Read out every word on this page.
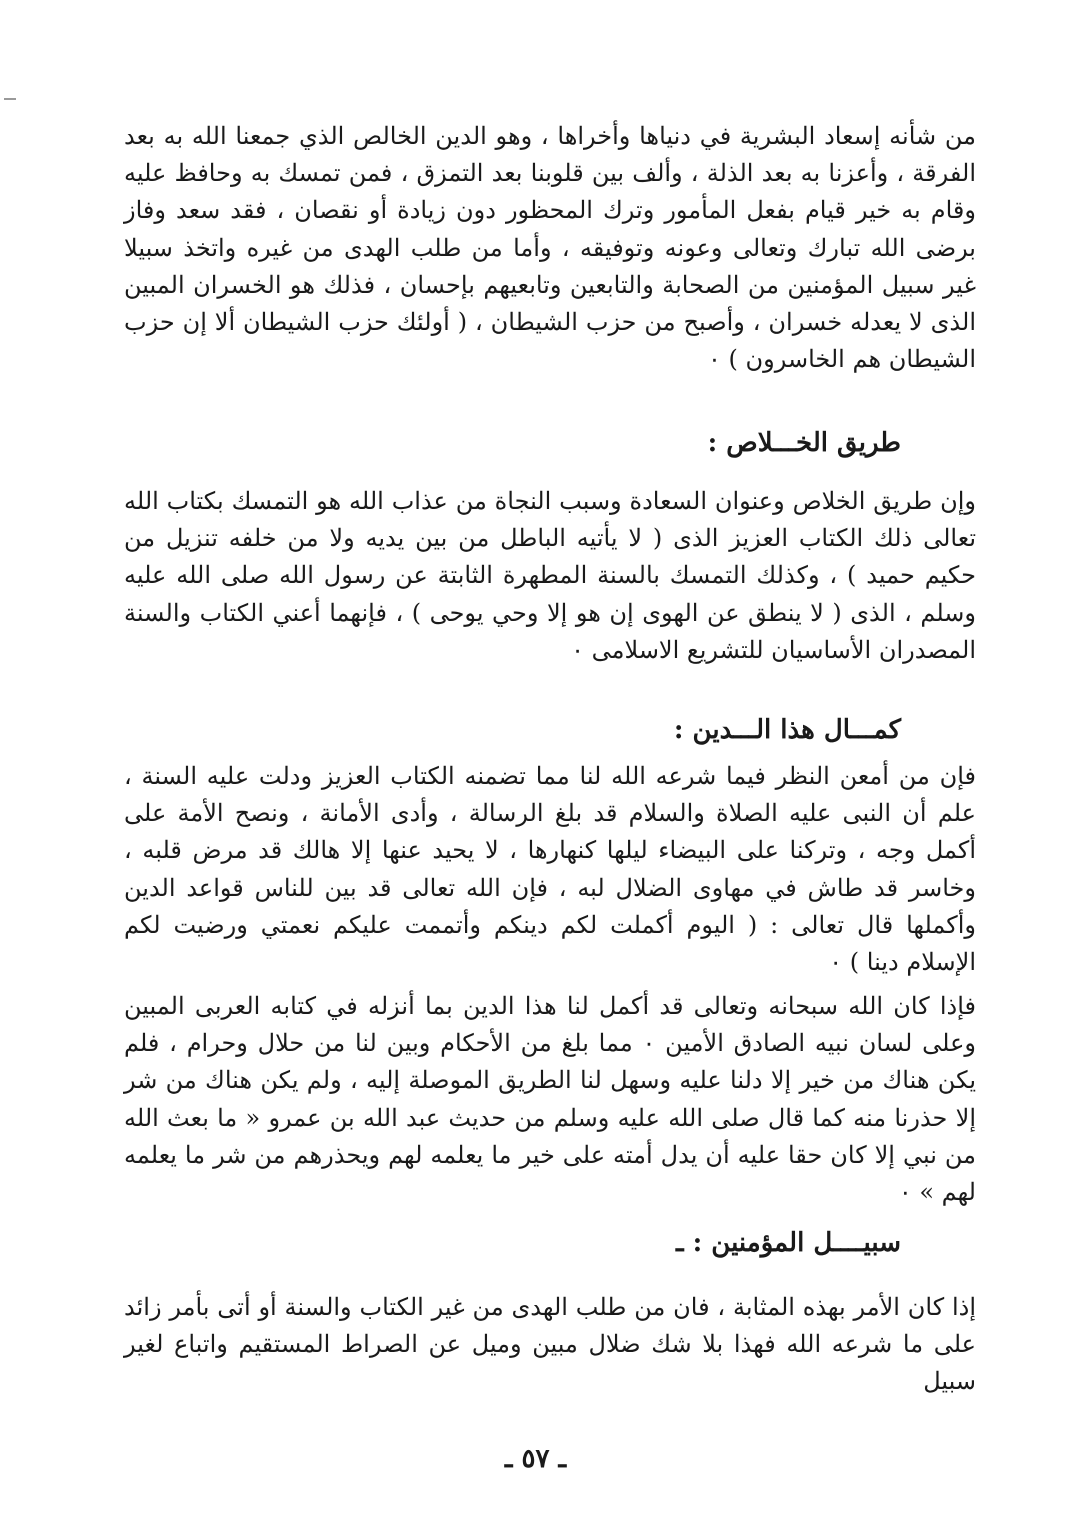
من شأنه إسعاد البشرية في دنياها وأخراها ، وهو الدين الخالص الذي جمعنا الله به بعد الفرقة ، وأعزنا به بعد الذلة ، وألف بين قلوبنا بعد التمزق ، فمن تمسك به وحافظ عليه وقام به خير قيام بفعل المأمور وترك المحظور دون زيادة أو نقصان ، فقد سعد وفاز برضى الله تبارك وتعالى وعونه وتوفيقه ، وأما من طلب الهدى من غيره واتخذ سبيلا غير سبيل المؤمنين من الصحابة والتابعين وتابعيهم بإحسان ، فذلك هو الخسران المبين الذى لا يعدله خسران ، وأصبح من حزب الشيطان ، ( أولئك حزب الشيطان ألا إن حزب الشيطان هم الخاسرون ) ٠

طريق الخـــلاص :

وإن طريق الخلاص وعنوان السعادة وسبب النجاة من عذاب الله هو التمسك بكتاب الله تعالى ذلك الكتاب العزيز الذى ( لا يأتيه الباطل من بين يديه ولا من خلفه تنزيل من حكيم حميد ) ، وكذلك التمسك بالسنة المطهرة الثابتة عن رسول الله صلى الله عليه وسلم ، الذى ( لا ينطق عن الهوى إن هو إلا وحي يوحى ) ، فإنهما أعني الكتاب والسنة المصدران الأساسيان للتشريع الاسلامى ٠

كمـــال هذا الـــدين :

فإن من أمعن النظر فيما شرعه الله لنا مما تضمنه الكتاب العزيز ودلت عليه السنة ، علم أن النبى عليه الصلاة والسلام قد بلغ الرسالة ، وأدى الأمانة ، ونصح الأمة على أكمل وجه ، وتركنا على البيضاء ليلها كنهارها ، لا يحيد عنها إلا هالك قد مرض قلبه ، وخاسر قد طاش في مهاوى الضلال لبه ، فإن الله تعالى قد بين للناس قواعد الدين وأكملها قال تعالى : ( اليوم أكملت لكم دينكم وأتممت عليكم نعمتي ورضيت لكم الإسلام دينا ) ٠

فإذا كان الله سبحانه وتعالى قد أكمل لنا هذا الدين بما أنزله في كتابه العربى المبين وعلى لسان نبيه الصادق الأمين ٠ مما بلغ من الأحكام وبين لنا من حلال وحرام ، فلم يكن هناك من خير إلا دلنا عليه وسهل لنا الطريق الموصلة إليه ، ولم يكن هناك من شر إلا حذرنا منه كما قال صلى الله عليه وسلم من حديث عبد الله بن عمرو « ما بعث الله من نبي إلا كان حقا عليه أن يدل أمته على خير ما يعلمه لهم ويحذرهم من شر ما يعلمه لهم » ٠

سبيــــل المؤمنين : ـ

إذا كان الأمر بهذه المثابة ، فان من طلب الهدى من غير الكتاب والسنة أو أتى بأمر زائد على ما شرعه الله فهذا بلا شك ضلال مبين وميل عن الصراط المستقيم واتباع لغير سبيل

ـ ٥٧ ـ
